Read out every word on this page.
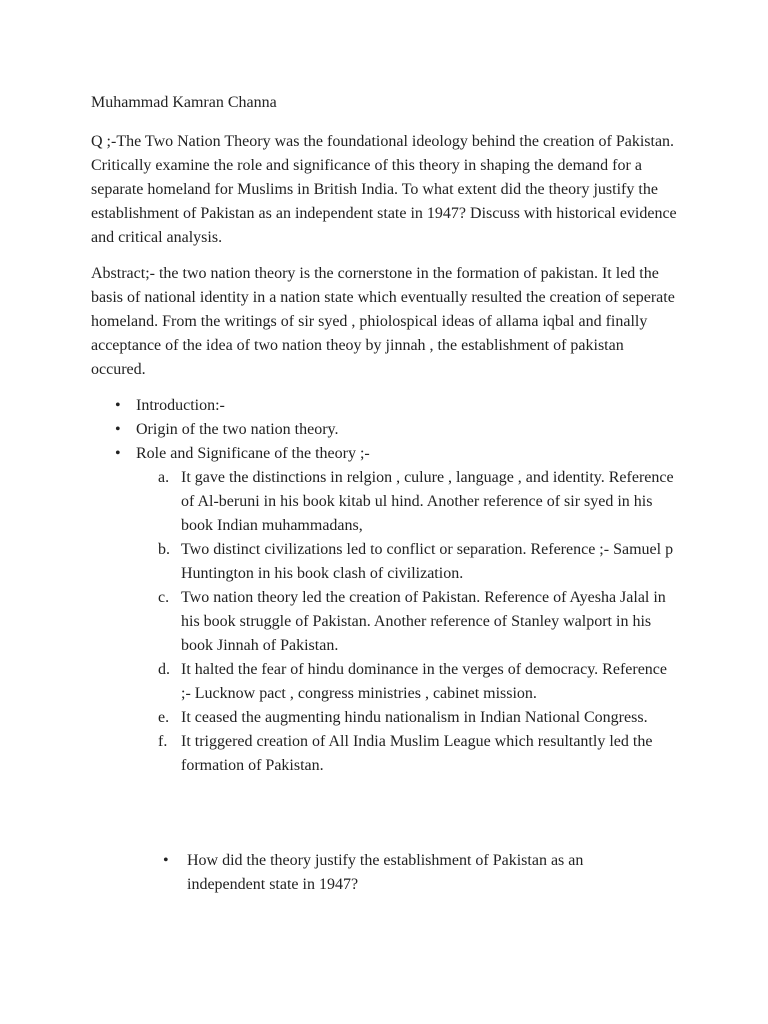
Muhammad Kamran Channa

Q ;-The Two Nation Theory was the foundational ideology behind the creation of Pakistan. Critically examine the role and significance of this theory in shaping the demand for a separate homeland for Muslims in British India. To what extent did the theory justify the establishment of Pakistan as an independent state in 1947? Discuss with historical evidence and critical analysis.

Abstract;- the two nation theory is the cornerstone in the formation of pakistan. It led the basis of national identity in a nation state which eventually resulted the creation of seperate homeland. From the writings of sir syed , phiolospical ideas of allama iqbal and finally acceptance of the idea of two nation theoy by jinnah , the establishment of pakistan occured.

• Introduction:-
• Origin of the two nation theory.
• Role and Significane of the theory ;-
a. It gave the distinctions in relgion , culure , language , and identity. Reference of Al-beruni in his book kitab ul hind. Another reference of sir syed in his book Indian muhammadans,
b. Two distinct civilizations led to conflict or separation. Reference ;- Samuel p Huntington in his book clash of civilization.
c. Two nation theory led the creation of Pakistan. Reference of Ayesha Jalal in his book struggle of Pakistan. Another reference of Stanley walport in his book Jinnah of Pakistan.
d. It halted the fear of hindu dominance in the verges of democracy. Reference ;- Lucknow pact , congress ministries , cabinet mission.
e. It ceased the augmenting hindu nationalism in Indian National Congress.
f. It triggered creation of All India Muslim League which resultantly led the formation of Pakistan.
•	How did the theory justify the establishment of Pakistan as an independent state in 1947?
